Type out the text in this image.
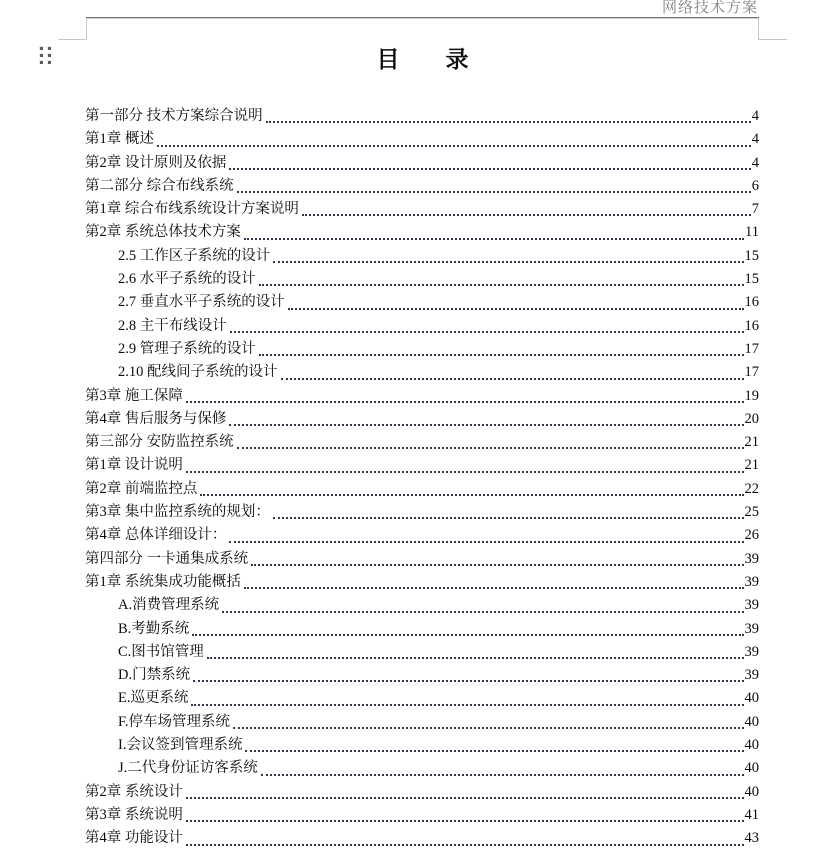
网络技术方案
目　　录
第一部分 技术方案综合说明	4
第1章 概述	4
第2章 设计原则及依据	4
第二部分 综合布线系统	6
第1章 综合布线系统设计方案说明	7
第2章 系统总体技术方案	11
2.5 工作区子系统的设计	15
2.6 水平子系统的设计	15
2.7 垂直水平子系统的设计	16
2.8 主干布线设计	16
2.9 管理子系统的设计	17
2.10 配线间子系统的设计	17
第3章 施工保障	19
第4章 售后服务与保修	20
第三部分 安防监控系统	21
第1章 设计说明	21
第2章 前端监控点	22
第3章 集中监控系统的规划：	25
第4章 总体详细设计：	26
第四部分 一卡通集成系统	39
第1章 系统集成功能概括	39
A.消费管理系统	39
B.考勤系统	39
C.图书馆管理	39
D.门禁系统	39
E.巡更系统	40
F.停车场管理系统	40
I.会议签到管理系统	40
J.二代身份证访客系统	40
第2章 系统设计	40
第3章 系统说明	41
第4章 功能设计	43
